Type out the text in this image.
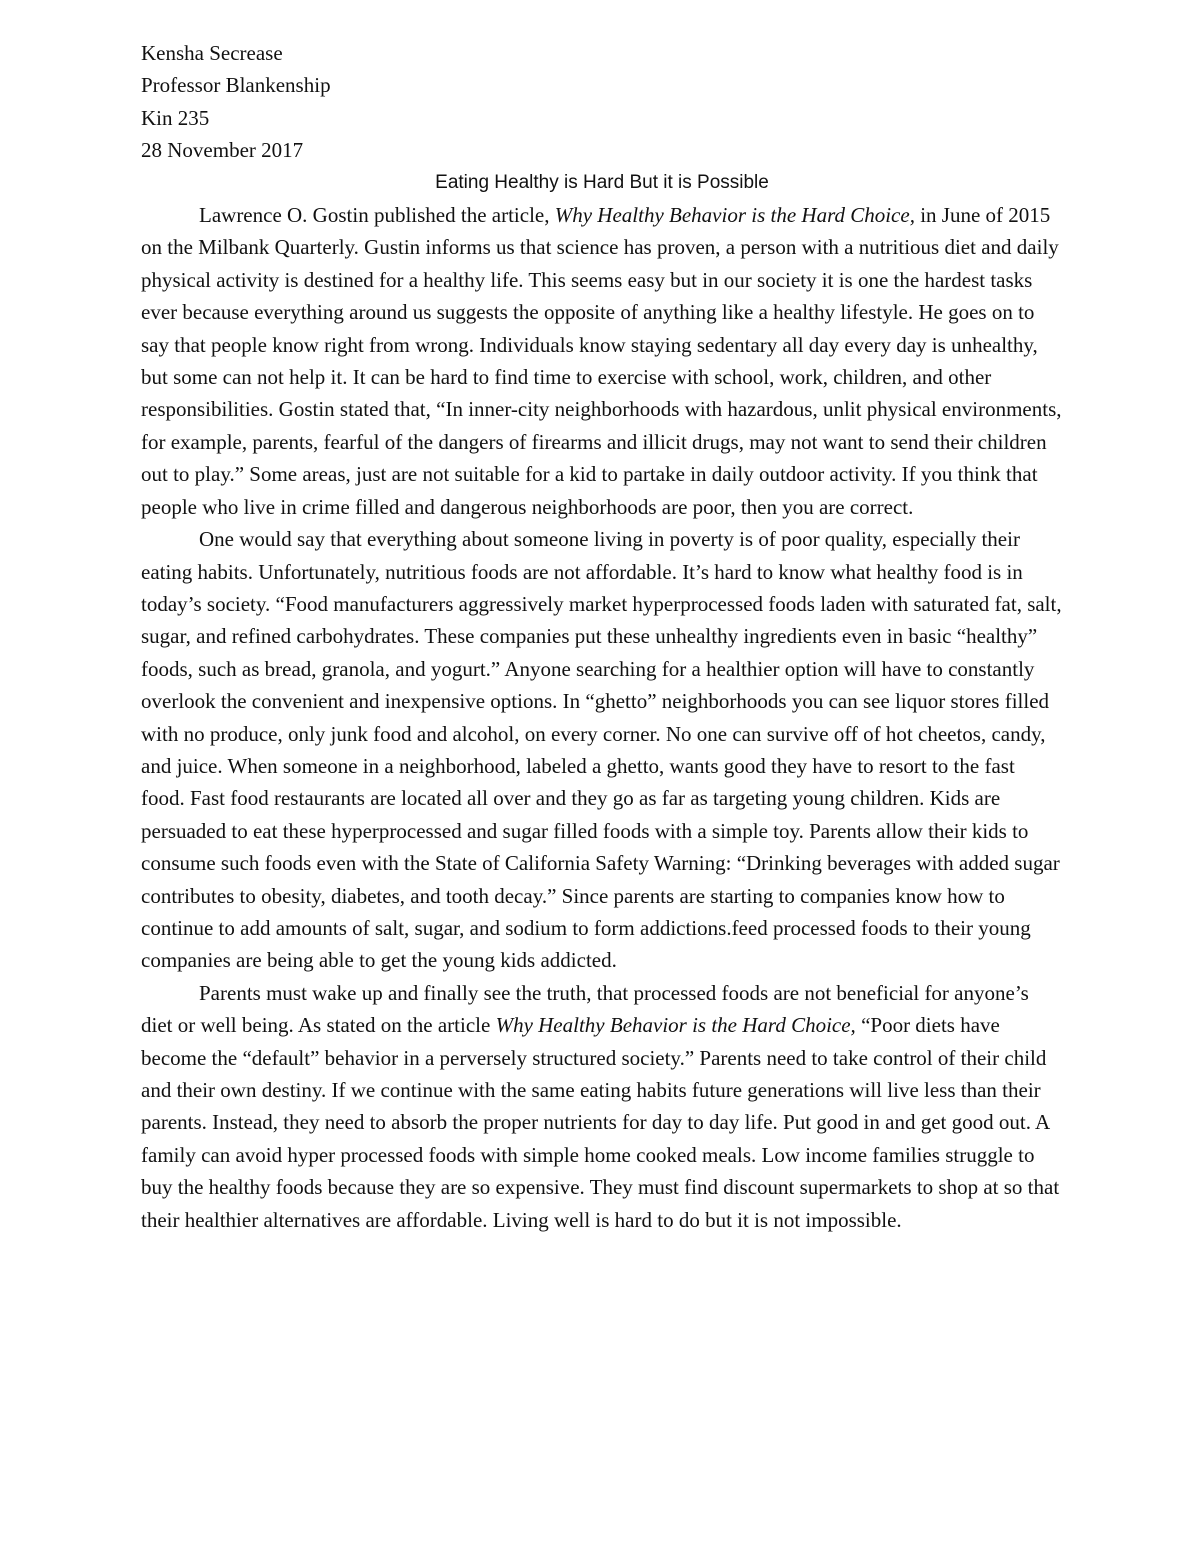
Kensha Secrease

Professor Blankenship

Kin 235

28 November 2017

Eating Healthy is Hard But it is Possible

Lawrence O. Gostin published the article, Why Healthy Behavior is the Hard Choice, in June of 2015 on the Milbank Quarterly. Gustin informs us that science has proven, a person with a nutritious diet and daily physical activity is destined for a healthy life. This seems easy but in our society it is one the hardest tasks ever because everything around us suggests the opposite of anything like a healthy lifestyle. He goes on to say that people know right from wrong. Individuals know staying sedentary all day every day is unhealthy, but some can not help it. It can be hard to find time to exercise with school, work, children, and other responsibilities. Gostin stated that, “In inner-city neighborhoods with hazardous, unlit physical environments, for example, parents, fearful of the dangers of firearms and illicit drugs, may not want to send their children out to play.” Some areas, just are not suitable for a kid to partake in daily outdoor activity. If you think that people who live in crime filled and dangerous neighborhoods are poor, then you are correct.

One would say that everything about someone living in poverty is of poor quality, especially their eating habits. Unfortunately, nutritious foods are not affordable. It’s hard to know what healthy food is in today’s society. “Food manufacturers aggressively market hyperprocessed foods laden with saturated fat, salt, sugar, and refined carbohydrates. These companies put these unhealthy ingredients even in basic “healthy” foods, such as bread, granola, and yogurt.” Anyone searching for a healthier option will have to constantly overlook the convenient and inexpensive options. In “ghetto” neighborhoods you can see liquor stores filled with no produce, only junk food and alcohol, on every corner. No one can survive off of hot cheetos, candy, and juice. When someone in a neighborhood, labeled a ghetto, wants good they have to resort to the fast food. Fast food restaurants are located all over and they go as far as targeting young children. Kids are persuaded to eat these hyperprocessed and sugar filled foods with a simple toy. Parents allow their kids to consume such foods even with the State of California Safety Warning: “Drinking beverages with added sugar contributes to obesity, diabetes, and tooth decay.” Since parents are starting to companies know how to continue to add amounts of salt, sugar, and sodium to form addictions.feed processed foods to their young companies are being able to get the young kids addicted.

Parents must wake up and finally see the truth, that processed foods are not beneficial for anyone’s diet or well being. As stated on the article Why Healthy Behavior is the Hard Choice, “Poor diets have become the “default” behavior in a perversely structured society.” Parents need to take control of their child and their own destiny. If we continue with the same eating habits future generations will live less than their parents. Instead, they need to absorb the proper nutrients for day to day life. Put good in and get good out. A family can avoid hyper processed foods with simple home cooked meals. Low income families struggle to buy the healthy foods because they are so expensive. They must find discount supermarkets to shop at so that their healthier alternatives are affordable. Living well is hard to do but it is not impossible.
